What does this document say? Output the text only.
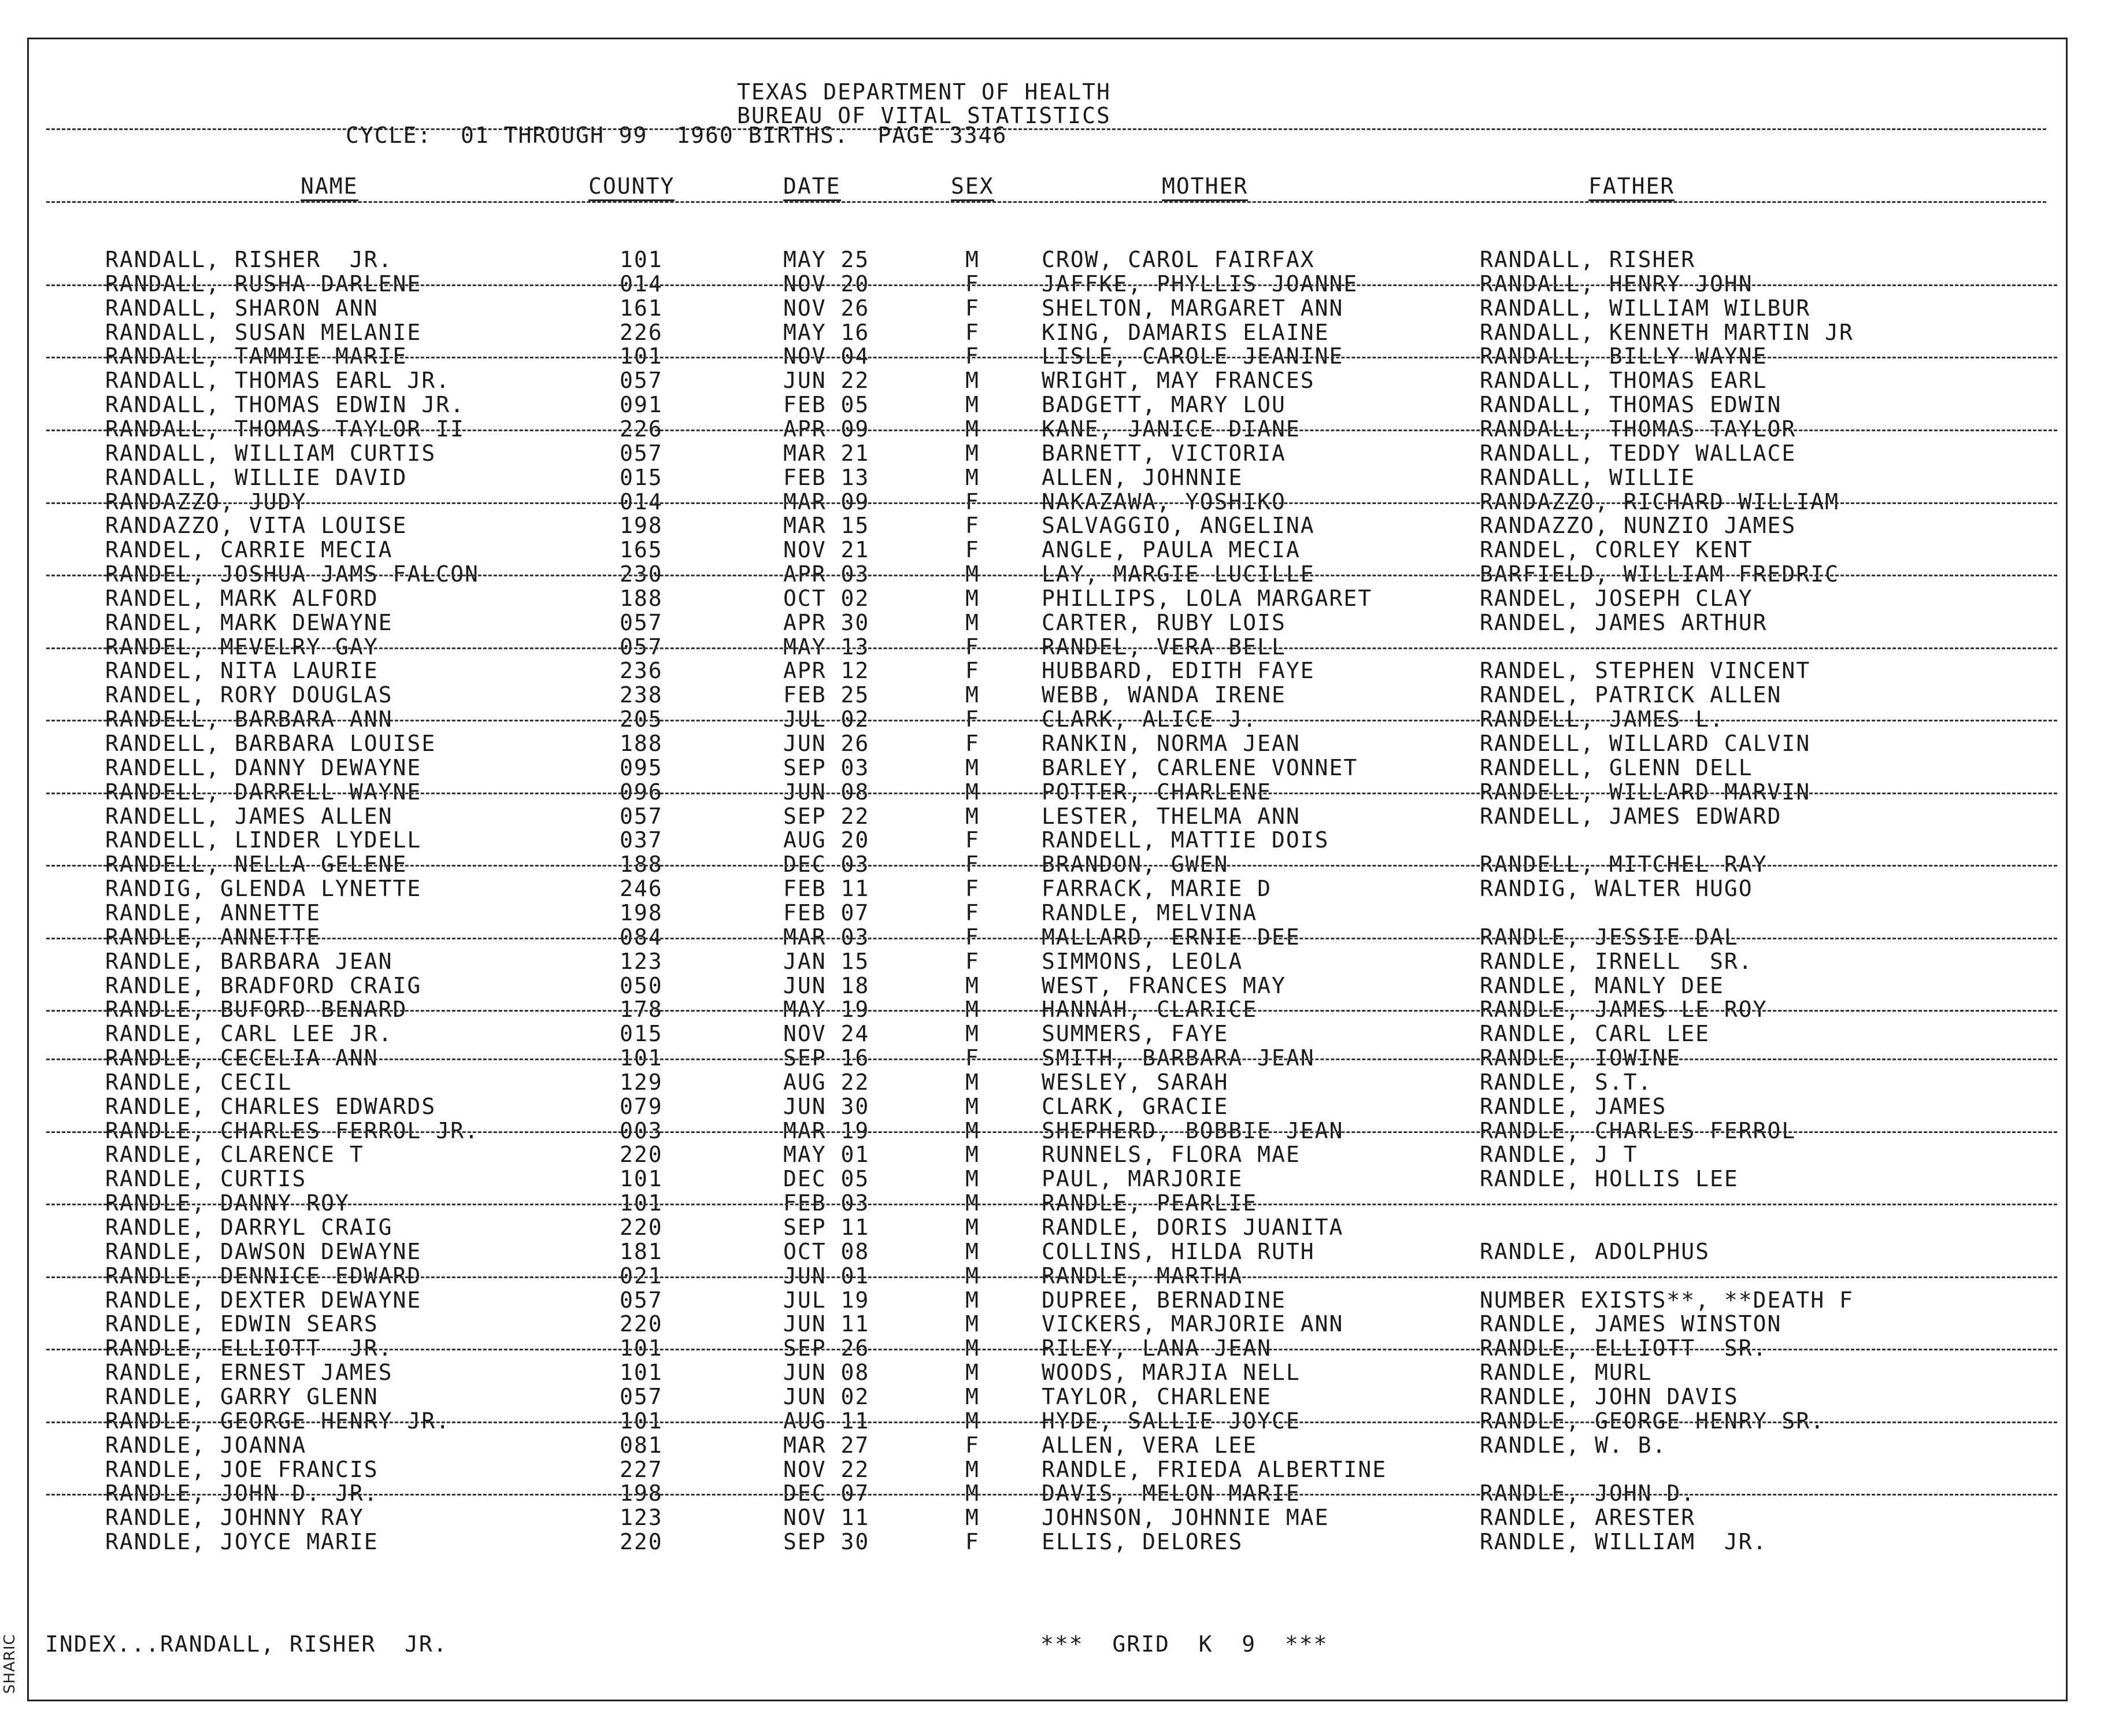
SHARIC
TEXAS DEPARTMENT OF HEALTH
BUREAU OF VITAL STATISTICS
CYCLE:  01 THROUGH 99  1960 BIRTHS.  PAGE 3346
NAME	COUNTY	DATE	SEX	MOTHER	FATHER
RANDALL, RISHER  JR.	101	MAY 25	M	CROW, CAROL FAIRFAX	RANDALL, RISHER
RANDALL, RUSHA DARLENE	014	NOV 20	F	JAFFKE, PHYLLIS JOANNE	RANDALL, HENRY JOHN
RANDALL, SHARON ANN	161	NOV 26	F	SHELTON, MARGARET ANN	RANDALL, WILLIAM WILBUR
RANDALL, SUSAN MELANIE	226	MAY 16	F	KING, DAMARIS ELAINE	RANDALL, KENNETH MARTIN JR
RANDALL, TAMMIE MARIE	101	NOV 04	F	LISLE, CAROLE JEANINE	RANDALL, BILLY WAYNE
RANDALL, THOMAS EARL JR.	057	JUN 22	M	WRIGHT, MAY FRANCES	RANDALL, THOMAS EARL
RANDALL, THOMAS EDWIN JR.	091	FEB 05	M	BADGETT, MARY LOU	RANDALL, THOMAS EDWIN
RANDALL, THOMAS TAYLOR II	226	APR 09	M	KANE, JANICE DIANE	RANDALL, THOMAS TAYLOR
RANDALL, WILLIAM CURTIS	057	MAR 21	M	BARNETT, VICTORIA	RANDALL, TEDDY WALLACE
RANDALL, WILLIE DAVID	015	FEB 13	M	ALLEN, JOHNNIE	RANDALL, WILLIE
RANDAZZO, JUDY	014	MAR 09	F	NAKAZAWA, YOSHIKO	RANDAZZO, RICHARD WILLIAM
RANDAZZO, VITA LOUISE	198	MAR 15	F	SALVAGGIO, ANGELINA	RANDAZZO, NUNZIO JAMES
RANDEL, CARRIE MECIA	165	NOV 21	F	ANGLE, PAULA MECIA	RANDEL, CORLEY KENT
RANDEL, JOSHUA JAMS FALCON	230	APR 03	M	LAY, MARGIE LUCILLE	BARFIELD, WILLIAM FREDRIC
RANDEL, MARK ALFORD	188	OCT 02	M	PHILLIPS, LOLA MARGARET	RANDEL, JOSEPH CLAY
RANDEL, MARK DEWAYNE	057	APR 30	M	CARTER, RUBY LOIS	RANDEL, JAMES ARTHUR
RANDEL, MEVELRY GAY	057	MAY 13	F	RANDEL, VERA BELL
RANDEL, NITA LAURIE	236	APR 12	F	HUBBARD, EDITH FAYE	RANDEL, STEPHEN VINCENT
RANDEL, RORY DOUGLAS	238	FEB 25	M	WEBB, WANDA IRENE	RANDEL, PATRICK ALLEN
RANDELL, BARBARA ANN	205	JUL 02	F	CLARK, ALICE J.	RANDELL, JAMES L.
RANDELL, BARBARA LOUISE	188	JUN 26	F	RANKIN, NORMA JEAN	RANDELL, WILLARD CALVIN
RANDELL, DANNY DEWAYNE	095	SEP 03	M	BARLEY, CARLENE VONNET	RANDELL, GLENN DELL
RANDELL, DARRELL WAYNE	096	JUN 08	M	POTTER, CHARLENE	RANDELL, WILLARD MARVIN
RANDELL, JAMES ALLEN	057	SEP 22	M	LESTER, THELMA ANN	RANDELL, JAMES EDWARD
RANDELL, LINDER LYDELL	037	AUG 20	F	RANDELL, MATTIE DOIS
RANDELL, NELLA GELENE	188	DEC 03	F	BRANDON, GWEN	RANDELL, MITCHEL RAY
RANDIG, GLENDA LYNETTE	246	FEB 11	F	FARRACK, MARIE D	RANDIG, WALTER HUGO
RANDLE, ANNETTE	198	FEB 07	F	RANDLE, MELVINA
RANDLE, ANNETTE	084	MAR 03	F	MALLARD, ERNIE DEE	RANDLE, JESSIE DAL
RANDLE, BARBARA JEAN	123	JAN 15	F	SIMMONS, LEOLA	RANDLE, IRNELL  SR.
RANDLE, BRADFORD CRAIG	050	JUN 18	M	WEST, FRANCES MAY	RANDLE, MANLY DEE
RANDLE, BUFORD BENARD	178	MAY 19	M	HANNAH, CLARICE	RANDLE, JAMES LE ROY
RANDLE, CARL LEE JR.	015	NOV 24	M	SUMMERS, FAYE	RANDLE, CARL LEE
RANDLE, CECELIA ANN	101	SEP 16	F	SMITH, BARBARA JEAN	RANDLE, IOWINE
RANDLE, CECIL	129	AUG 22	M	WESLEY, SARAH	RANDLE, S.T.
RANDLE, CHARLES EDWARDS	079	JUN 30	M	CLARK, GRACIE	RANDLE, JAMES
RANDLE, CHARLES FERROL JR.	003	MAR 19	M	SHEPHERD, BOBBIE JEAN	RANDLE, CHARLES FERROL
RANDLE, CLARENCE T	220	MAY 01	M	RUNNELS, FLORA MAE	RANDLE, J T
RANDLE, CURTIS	101	DEC 05	M	PAUL, MARJORIE	RANDLE, HOLLIS LEE
RANDLE, DANNY ROY	101	FEB 03	M	RANDLE, PEARLIE
RANDLE, DARRYL CRAIG	220	SEP 11	M	RANDLE, DORIS JUANITA
RANDLE, DAWSON DEWAYNE	181	OCT 08	M	COLLINS, HILDA RUTH	RANDLE, ADOLPHUS
RANDLE, DENNICE EDWARD	021	JUN 01	M	RANDLE, MARTHA
RANDLE, DEXTER DEWAYNE	057	JUL 19	M	DUPREE, BERNADINE	NUMBER EXISTS**, **DEATH F
RANDLE, EDWIN SEARS	220	JUN 11	M	VICKERS, MARJORIE ANN	RANDLE, JAMES WINSTON
RANDLE, ELLIOTT  JR.	101	SEP 26	M	RILEY, LANA JEAN	RANDLE, ELLIOTT  SR.
RANDLE, ERNEST JAMES	101	JUN 08	M	WOODS, MARJIA NELL	RANDLE, MURL
RANDLE, GARRY GLENN	057	JUN 02	M	TAYLOR, CHARLENE	RANDLE, JOHN DAVIS
RANDLE, GEORGE HENRY JR.	101	AUG 11	M	HYDE, SALLIE JOYCE	RANDLE, GEORGE HENRY SR.
RANDLE, JOANNA	081	MAR 27	F	ALLEN, VERA LEE	RANDLE, W. B.
RANDLE, JOE FRANCIS	227	NOV 22	M	RANDLE, FRIEDA ALBERTINE
RANDLE, JOHN D. JR.	198	DEC 07	M	DAVIS, MELON MARIE	RANDLE, JOHN D.
RANDLE, JOHNNY RAY	123	NOV 11	M	JOHNSON, JOHNNIE MAE	RANDLE, ARESTER
RANDLE, JOYCE MARIE	220	SEP 30	F	ELLIS, DELORES	RANDLE, WILLIAM  JR.
INDEX...RANDALL, RISHER  JR.	***  GRID  K  9  ***
